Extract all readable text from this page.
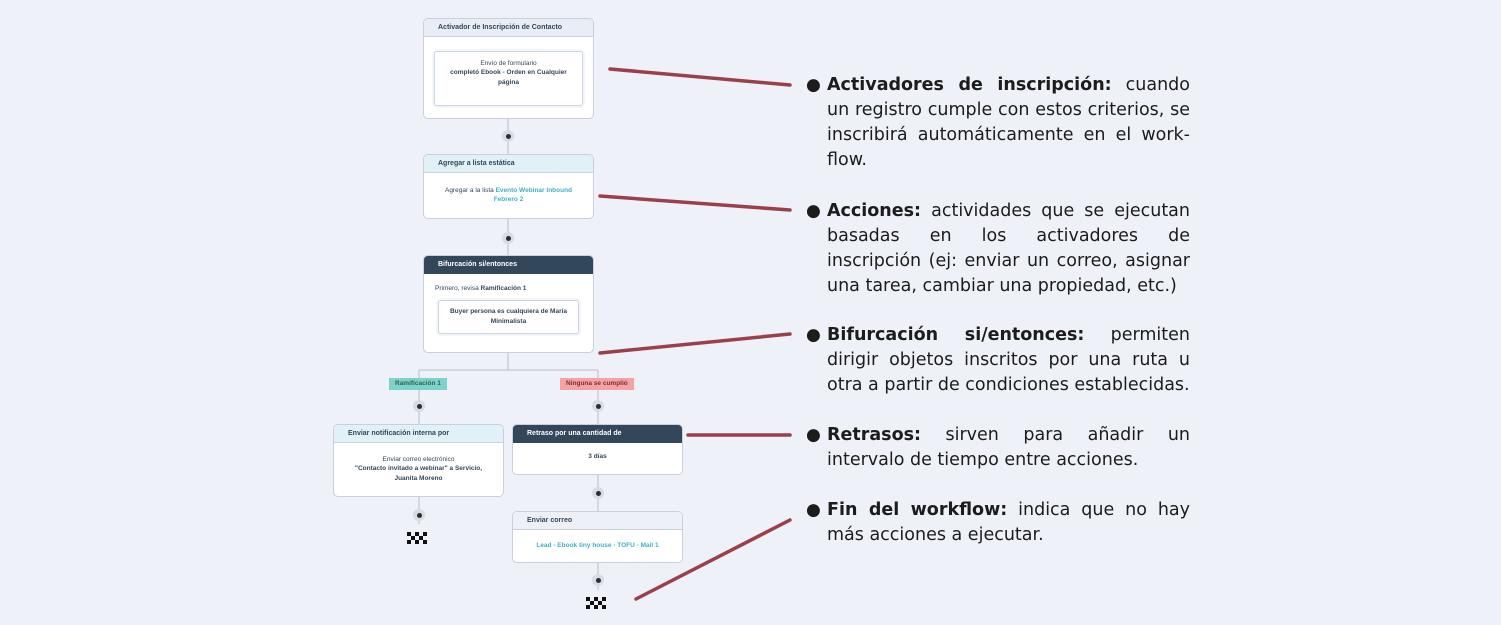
Activador de Inscripción de Contacto
Envío de formulario
completó Ebook - Orden en Cualquier página
Agregar a lista estática
Agregar a la lista Evento Webinar Inbound Febrero 2
Bifurcación si/entonces
Primero, revisa Ramificación 1
Buyer persona es cualquiera de María Minimalista
Ramificación 1	Ninguna se cumplió
Enviar notificación interna por
Enviar correo electrónico
"Contacto invitado a webinar" a Servicio, Juanita Moreno
Retraso por una cantidad de
3 días
Enviar correo
Lead - Ebook tiny house - TOFU - Mail 1
● Activadores de inscripción: cuando un registro cumple con estos criterios, se inscribirá automáticamente en el work-flow.
● Acciones: actividades que se ejecutan basadas en los activadores de inscripción (ej: enviar un correo, asignar una tarea, cambiar una propiedad, etc.)
● Bifurcación si/entonces: permiten dirigir objetos inscritos por una ruta u otra a partir de condiciones establecidas.
● Retrasos: sirven para añadir un intervalo de tiempo entre acciones.
● Fin del workflow: indica que no hay más acciones a ejecutar.
